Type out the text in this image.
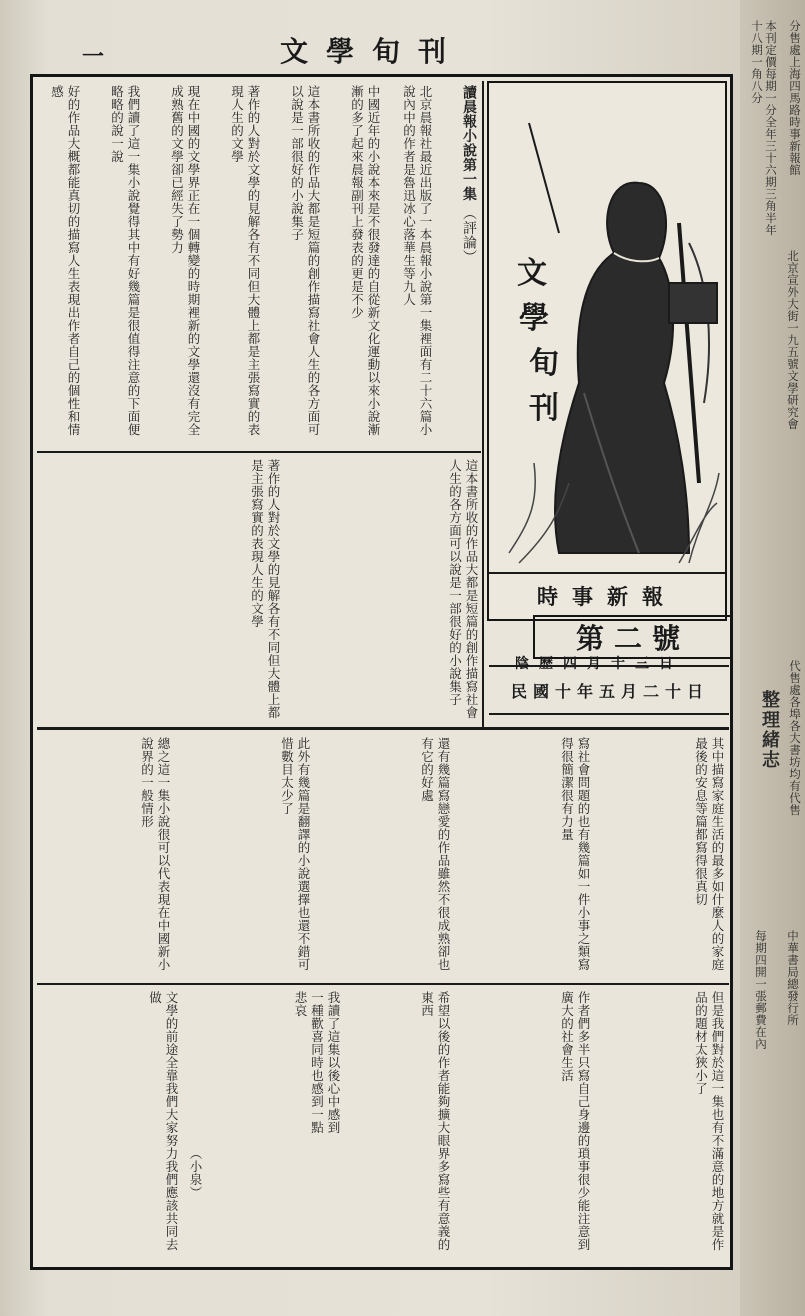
一	文學旬刊
讀晨報小說第一集 （評論）
北京晨報社最近出版了一本晨報小說第一集裡面有二十六篇小說內中的作者是魯迅冰心落華生等九人
中國近年的小說本來是不很發達的自從新文化運動以來小說漸漸的多了起來晨報副刊上發表的更是不少
這本書所收的作品大都是短篇的創作描寫社會人生的各方面可以說是一部很好的小說集子
著作的人對於文學的見解各有不同但大體上都是主張寫實的表現人生的文學
現在中國的文學界正在一個轉變的時期裡新的文學還沒有完全成熟舊的文學卻已經失了勢力
我們讀了這一集小說覺得其中有好幾篇是很值得注意的下面便略略的說一說
好的作品大概都能真切的描寫人生表現出作者自己的個性和情感
這本書所收的作品大都是短篇的創作描寫社會人生的各方面可以說是一部很好的小說集子
著作的人對於文學的見解各有不同但大體上都是主張寫實的表現人生的文學
文
學
旬
刊
時事新報
第二號
民國十年五月二十日
陰歷四月十三日
其中描寫家庭生活的最多如什麼人的家庭最後的安息等篇都寫得很真切
寫社會問題的也有幾篇如一件小事之類寫得很簡潔很有力量
還有幾篇寫戀愛的作品雖然不很成熟卻也有它的好處
此外有幾篇是翻譯的小說選擇也還不錯可惜數目太少了
總之這一集小說很可以代表現在中國新小說界的一般情形
但是我們對於這一集也有不滿意的地方就是作品的題材太狹小了
作者們多半只寫自己身邊的瑣事很少能注意到廣大的社會生活
希望以後的作者能夠擴大眼界多寫些有意義的東西
我讀了這集以後心中感到一種歡喜同時也感到一點悲哀
（小泉）
文學的前途全靠我們大家努力我們應該共同去做
分售處上海四馬路時事新報館
本刊定價每期一分全年三十六期三角半年十八期一角八分
北京宣外大街一九五號文學研究會
整理緒志 代售處各埠各大書坊均有代售
中華書局總發行所
每期四開一張郵費在內
